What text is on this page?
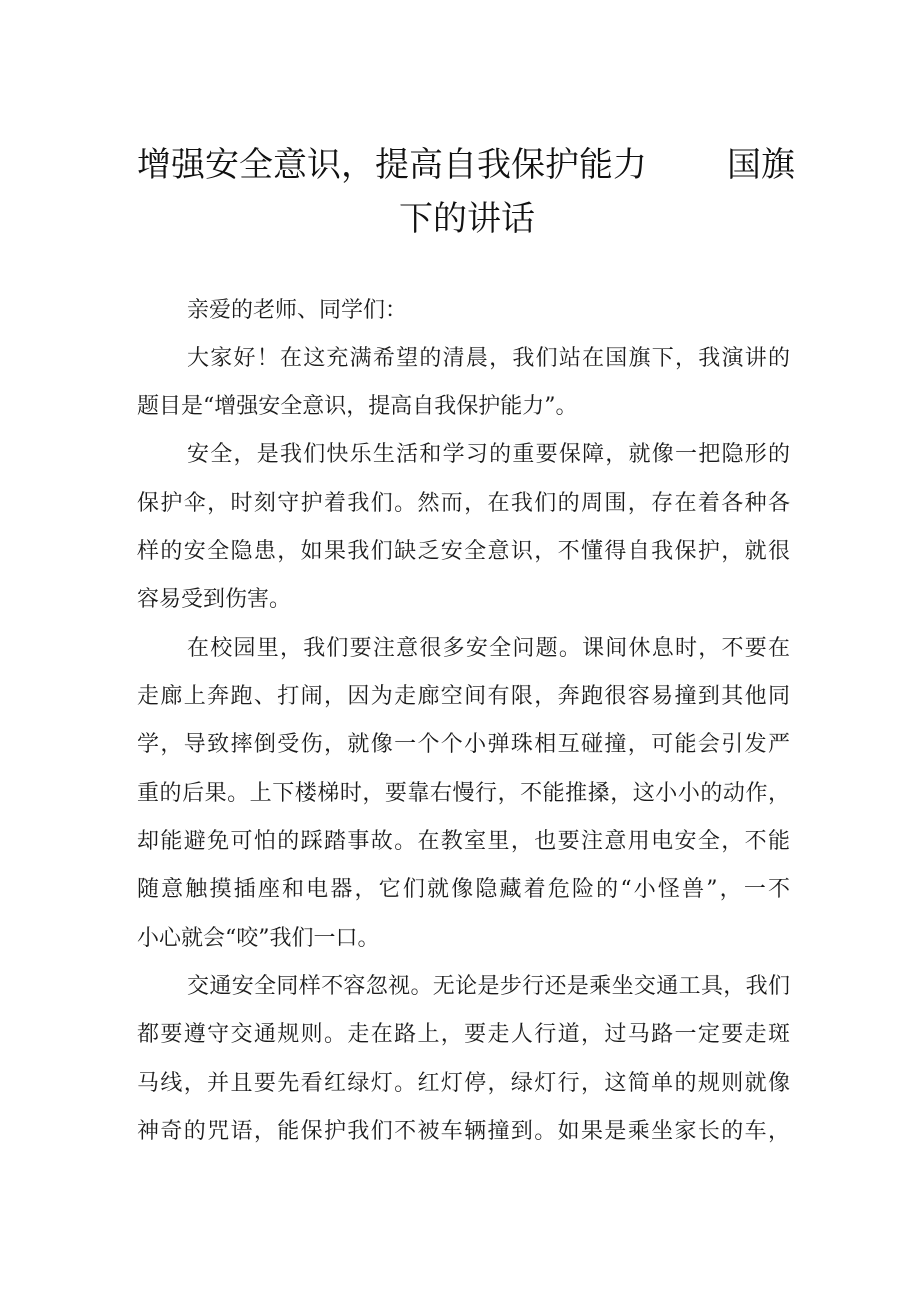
增强安全意识，提高自我保护能力 国旗
下的讲话
亲爱的老师、同学们：
大家好！在这充满希望的清晨，我们站在国旗下，我演讲的
题目是“增强安全意识，提高自我保护能力”。
安全，是我们快乐生活和学习的重要保障，就像一把隐形的
保护伞，时刻守护着我们。然而，在我们的周围，存在着各种各
样的安全隐患，如果我们缺乏安全意识，不懂得自我保护，就很
容易受到伤害。
在校园里，我们要注意很多安全问题。课间休息时，不要在
走廊上奔跑、打闹，因为走廊空间有限，奔跑很容易撞到其他同
学，导致摔倒受伤，就像一个个小弹珠相互碰撞，可能会引发严
重的后果。上下楼梯时，要靠右慢行，不能推搡，这小小的动作，
却能避免可怕的踩踏事故。在教室里，也要注意用电安全，不能
随意触摸插座和电器，它们就像隐藏着危险的“小怪兽”，一不
小心就会“咬”我们一口。
交通安全同样不容忽视。无论是步行还是乘坐交通工具，我们
都要遵守交通规则。走在路上，要走人行道，过马路一定要走斑
马线，并且要先看红绿灯。红灯停，绿灯行，这简单的规则就像
神奇的咒语，能保护我们不被车辆撞到。如果是乘坐家长的车，
